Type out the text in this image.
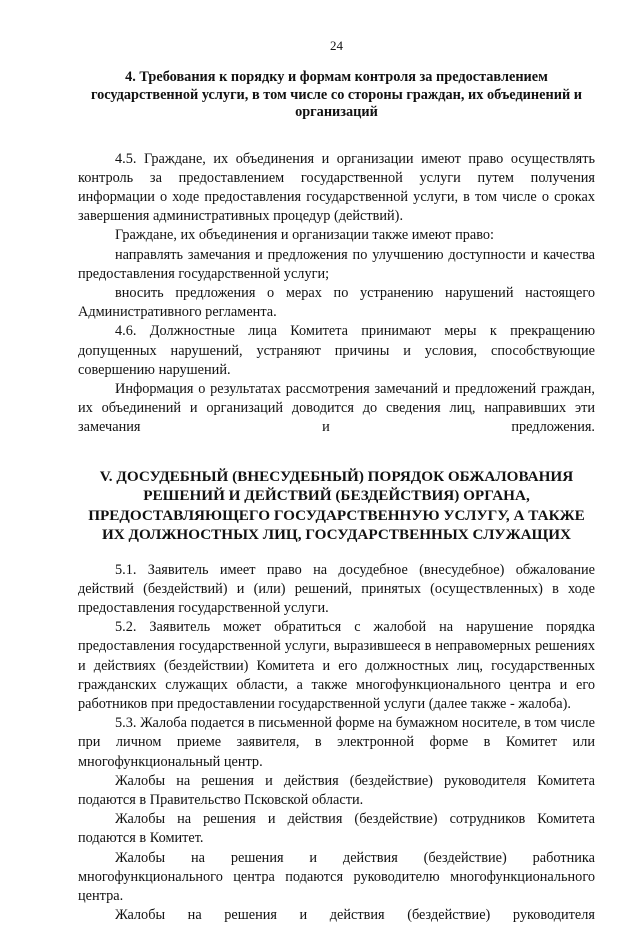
24
4. Требования к порядку и формам контроля за предоставлением государственной услуги, в том числе со стороны граждан, их объединений и организаций

4.5. Граждане, их объединения и организации имеют право осуществлять контроль за предоставлением государственной услуги путем получения информации о ходе предоставления государственной услуги, в том числе о сроках завершения административных процедур (действий).

Граждане, их объединения и организации также имеют право:

направлять замечания и предложения по улучшению доступности и качества предоставления государственной услуги;

вносить предложения о мерах по устранению нарушений настоящего Административного регламента.

4.6. Должностные лица Комитета принимают меры к прекращению допущенных нарушений, устраняют причины и условия, способствующие совершению нарушений.

Информация о результатах рассмотрения замечаний и предложений граждан, их объединений и организаций доводится до сведения лиц, направивших эти замечания и предложения.

V. ДОСУДЕБНЫЙ (ВНЕСУДЕБНЫЙ) ПОРЯДОК ОБЖАЛОВАНИЯ РЕШЕНИЙ И ДЕЙСТВИЙ (БЕЗДЕЙСТВИЯ) ОРГАНА, ПРЕДОСТАВЛЯЮЩЕГО ГОСУДАРСТВЕННУЮ УСЛУГУ, А ТАКЖЕ ИХ ДОЛЖНОСТНЫХ ЛИЦ, ГОСУДАРСТВЕННЫХ СЛУЖАЩИХ

5.1. Заявитель имеет право на досудебное (внесудебное) обжалование действий (бездействий) и (или) решений, принятых (осуществленных) в ходе предоставления государственной услуги.

5.2. Заявитель может обратиться с жалобой на нарушение порядка предоставления государственной услуги, выразившееся в неправомерных решениях и действиях (бездействии) Комитета и его должностных лиц, государственных гражданских служащих области, а также многофункционального центра и его работников при предоставлении государственной услуги (далее также - жалоба).

5.3. Жалоба подается в письменной форме на бумажном носителе, в том числе при личном приеме заявителя, в электронной форме в Комитет или многофункциональный центр.

Жалобы на решения и действия (бездействие) руководителя Комитета подаются в Правительство Псковской области.

Жалобы на решения и действия (бездействие) сотрудников Комитета подаются в Комитет.

Жалобы на решения и действия (бездействие) работника многофункционального центра подаются руководителю многофункционального центра.

Жалобы на решения и действия (бездействие) руководителя
